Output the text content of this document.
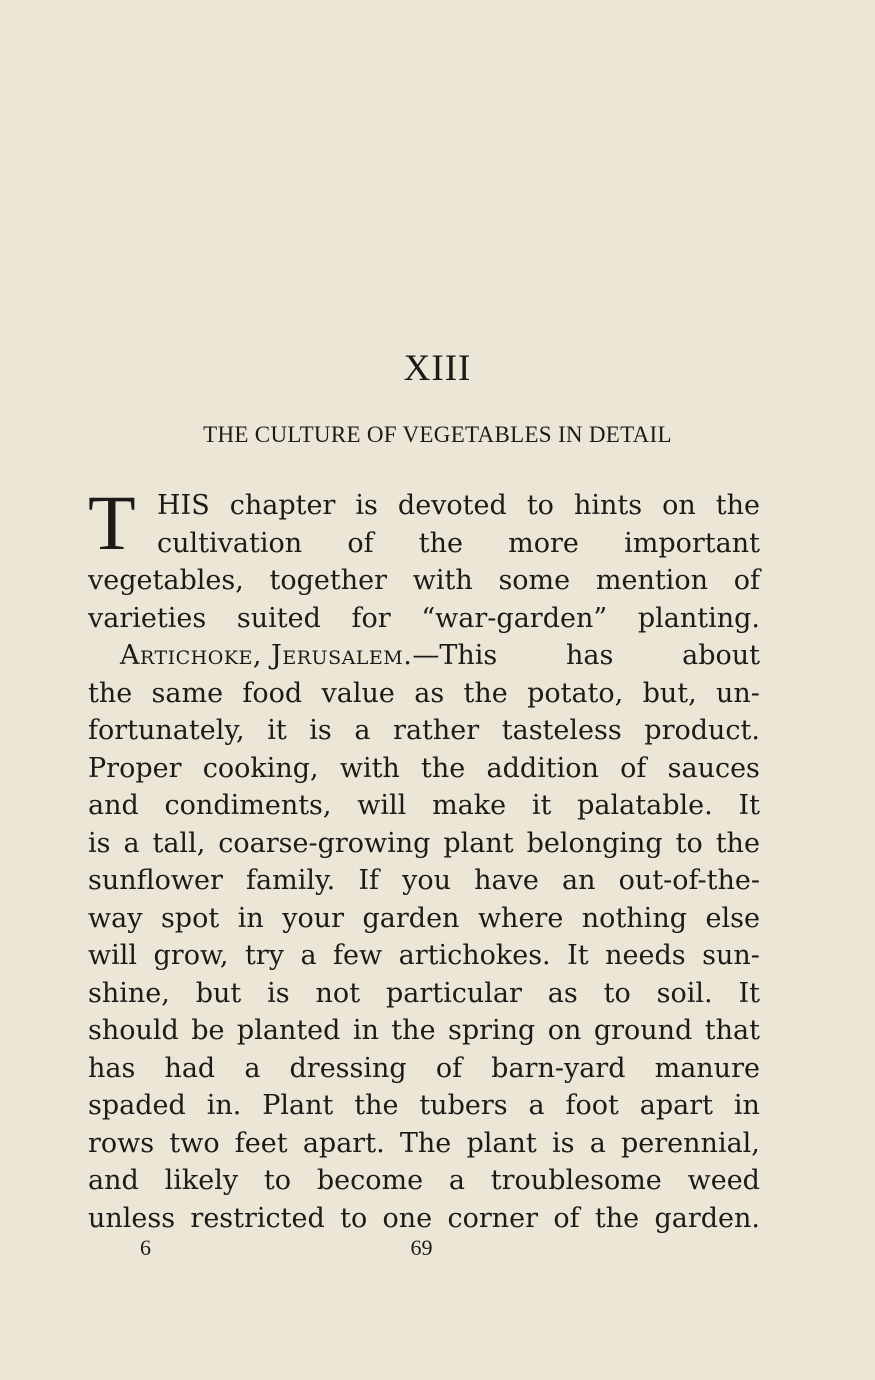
XIII
THE CULTURE OF VEGETABLES IN DETAIL
T HIS chapter is devoted to hints on the
cultivation of the more important
vegetables, together with some mention of
varieties suited for “war-garden” planting.
Artichoke, Jerusalem. —This has about
the same food value as the potato, but, un-
fortunately, it is a rather tasteless product.
Proper cooking, with the addition of sauces
and condiments, will make it palatable. It
is a tall, coarse-growing plant belonging to the
sunflower family. If you have an out-of-the-
way spot in your garden where nothing else
will grow, try a few artichokes. It needs sun-
shine, but is not particular as to soil. It
should be planted in the spring on ground that
has had a dressing of barn-yard manure
spaded in. Plant the tubers a foot apart in
rows two feet apart. The plant is a perennial,
and likely to become a troublesome weed
unless restricted to one corner of the garden.
6	69
